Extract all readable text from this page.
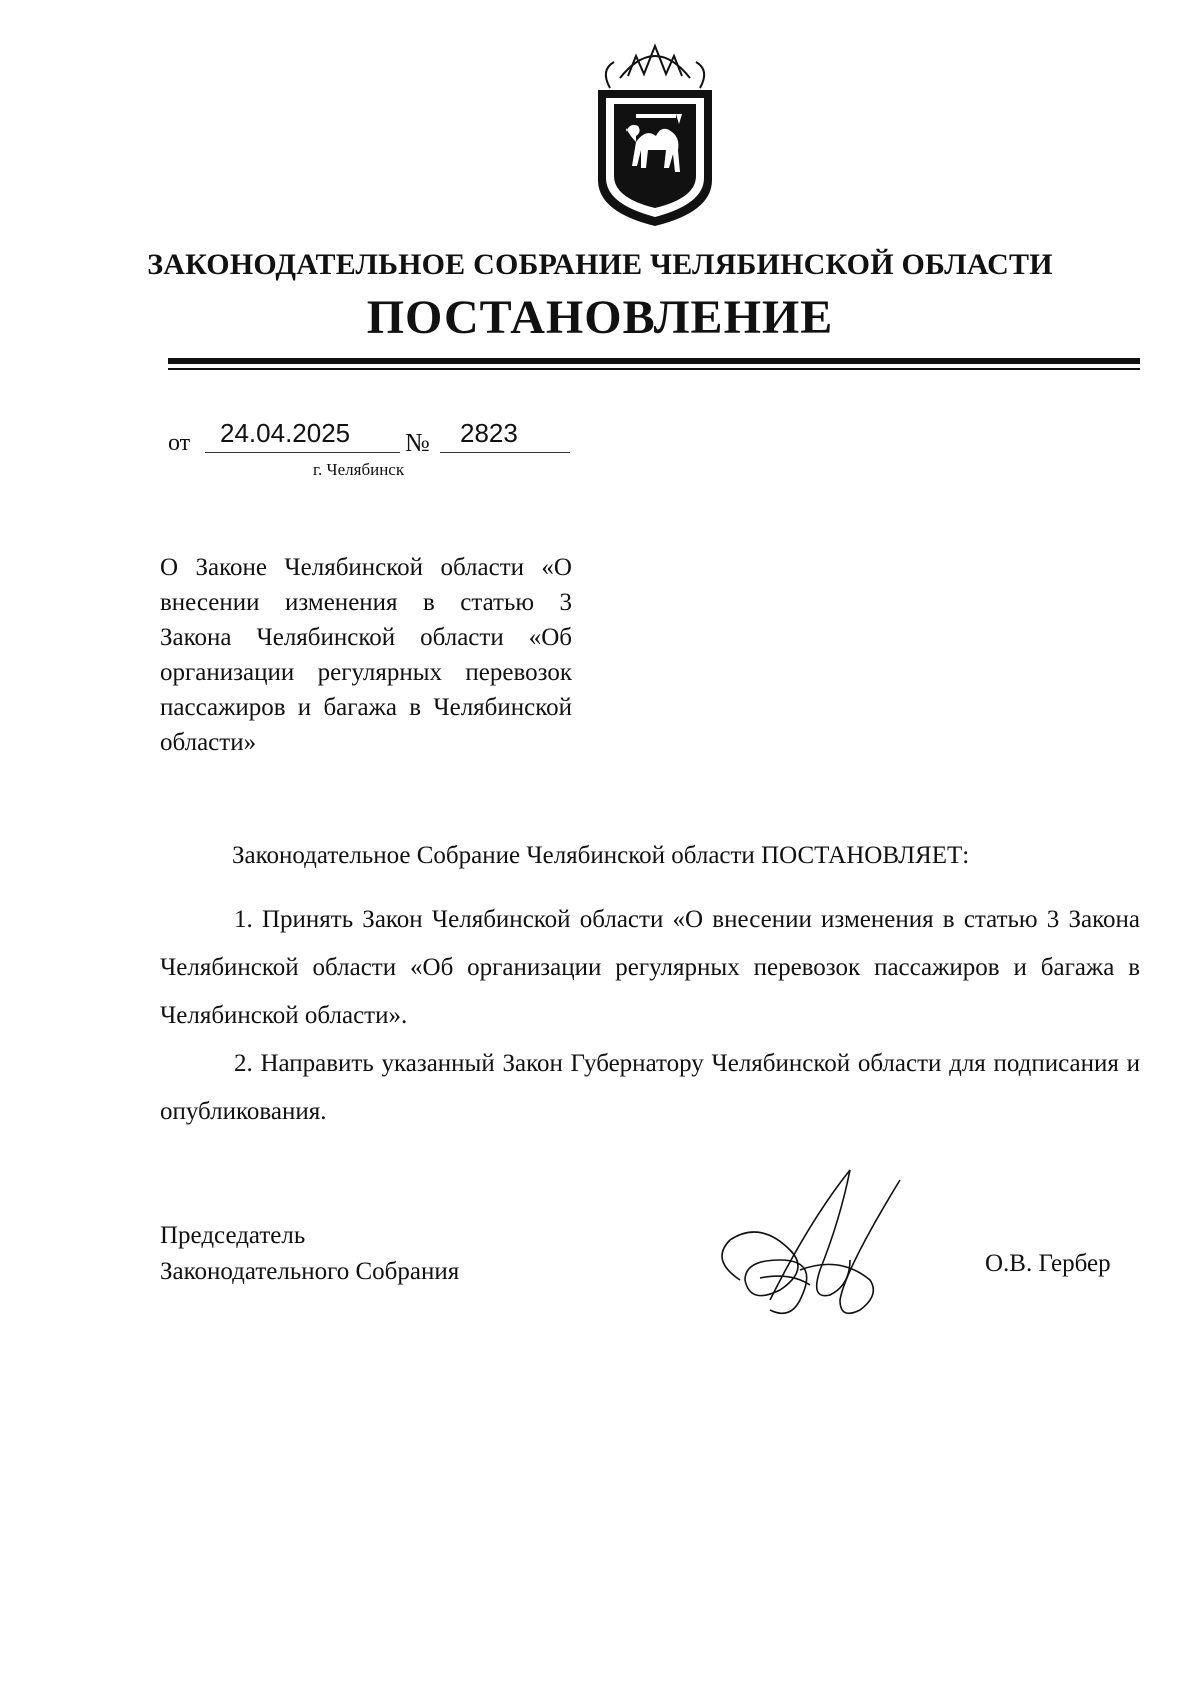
ЗАКОНОДАТЕЛЬНОЕ СОБРАНИЕ ЧЕЛЯБИНСКОЙ ОБЛАСТИ
ПОСТАНОВЛЕНИЕ
от 24.04.2025 № 2823
г. Челябинск
О Законе Челябинской области «О внесении изменения в статью 3 Закона Челябинской области «Об организации регулярных перевозок пассажиров и багажа в Челябинской области»
Законодательное Собрание Челябинской области ПОСТАНОВЛЯЕТ:
1. Принять Закон Челябинской области «О внесении изменения в статью 3 Закона Челябинской области «Об организации регулярных перевозок пассажиров и багажа в Челябинской области».
2. Направить указанный Закон Губернатору Челябинской области для подписания и опубликования.
Председатель
Законодательного Собрания	О.В. Гербер
